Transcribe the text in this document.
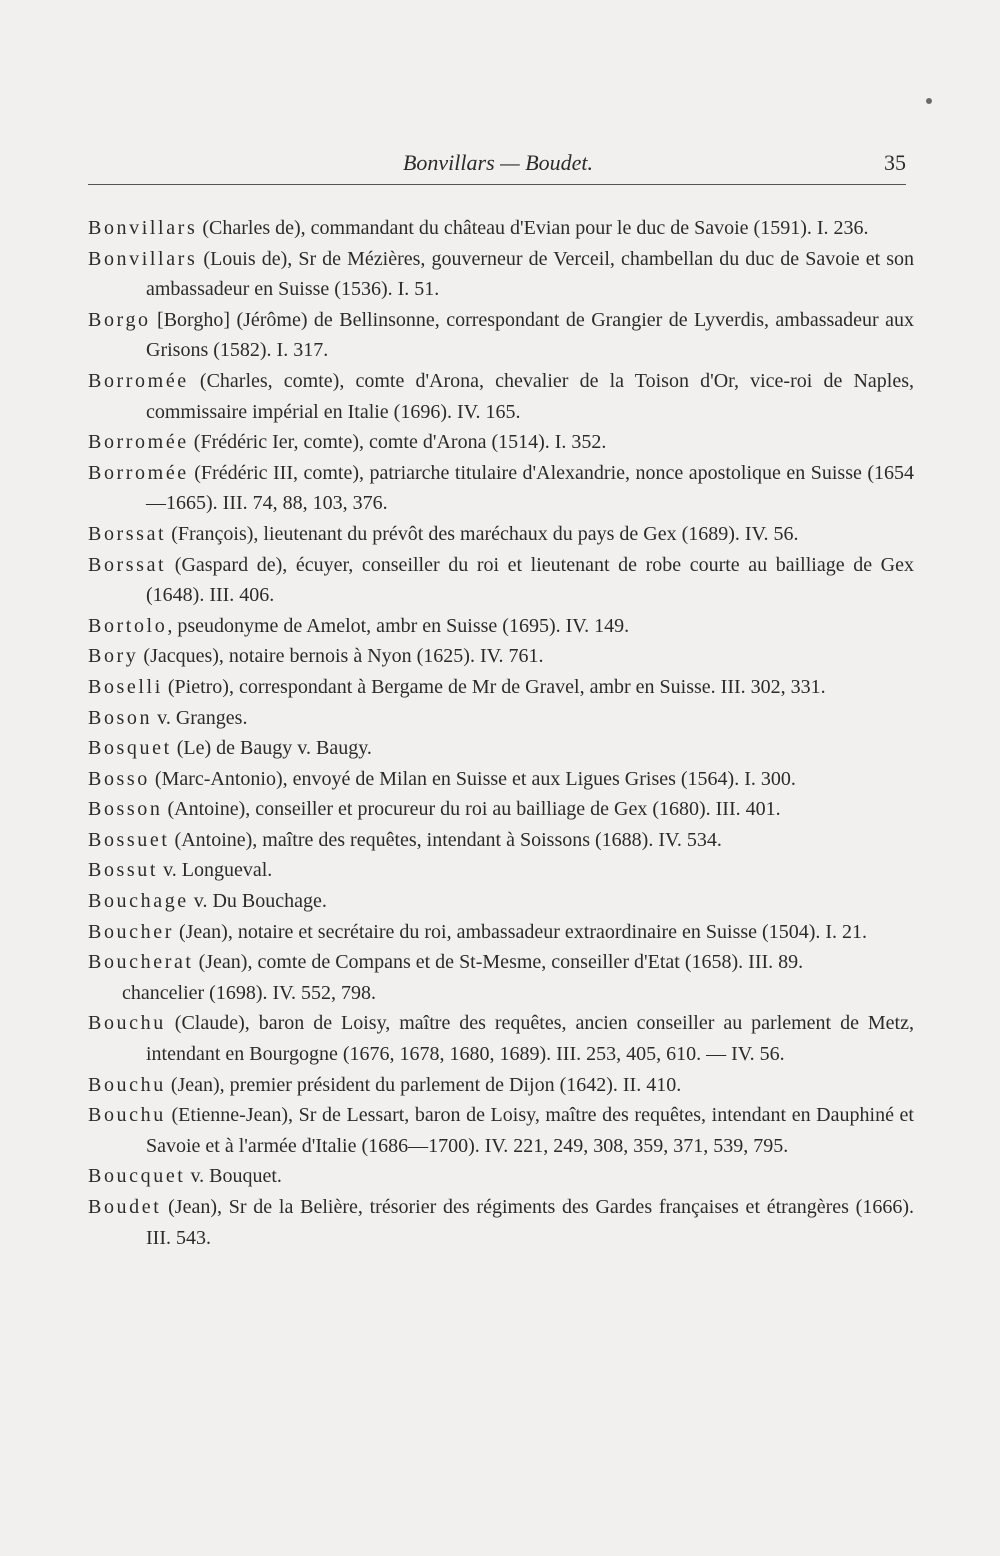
Bonvillars — Boudet.	35

Bonvillars (Charles de), commandant du château d'Evian pour le duc de Savoie (1591). I. 236.

Bonvillars (Louis de), Sr de Mézières, gouverneur de Verceil, chambellan du duc de Savoie et son ambassadeur en Suisse (1536). I. 51.

Borgo [Borgho] (Jérôme) de Bellinsonne, correspondant de Grangier de Lyverdis, ambassadeur aux Grisons (1582). I. 317.

Borromée (Charles, comte), comte d'Arona, chevalier de la Toison d'Or, vice-roi de Naples, commissaire impérial en Italie (1696). IV. 165.

Borromée (Frédéric Ier, comte), comte d'Arona (1514). I. 352.

Borromée (Frédéric III, comte), patriarche titulaire d'Alexandrie, nonce apostolique en Suisse (1654—1665). III. 74, 88, 103, 376.

Borssat (François), lieutenant du prévôt des maréchaux du pays de Gex (1689). IV. 56.

Borssat (Gaspard de), écuyer, conseiller du roi et lieutenant de robe courte au bailliage de Gex (1648). III. 406.

Bortolo, pseudonyme de Amelot, ambr en Suisse (1695). IV. 149.

Bory (Jacques), notaire bernois à Nyon (1625). IV. 761.

Boselli (Pietro), correspondant à Bergame de Mr de Gravel, ambr en Suisse. III. 302, 331.

Boson v. Granges.

Bosquet (Le) de Baugy v. Baugy.

Bosso (Marc-Antonio), envoyé de Milan en Suisse et aux Ligues Grises (1564). I. 300.

Bosson (Antoine), conseiller et procureur du roi au bailliage de Gex (1680). III. 401.

Bossuet (Antoine), maître des requêtes, intendant à Soissons (1688). IV. 534.

Bossut v. Longueval.

Bouchage v. Du Bouchage.

Boucher (Jean), notaire et secrétaire du roi, ambassadeur extraordinaire en Suisse (1504). I. 21.

Boucherat (Jean), comte de Compans et de St-Mesme, conseiller d'Etat (1658). III. 89.

chancelier (1698). IV. 552, 798.

Bouchu (Claude), baron de Loisy, maître des requêtes, ancien conseiller au parlement de Metz, intendant en Bourgogne (1676, 1678, 1680, 1689). III. 253, 405, 610. — IV. 56.

Bouchu (Jean), premier président du parlement de Dijon (1642). II. 410.

Bouchu (Etienne-Jean), Sr de Lessart, baron de Loisy, maître des requêtes, intendant en Dauphiné et Savoie et à l'armée d'Italie (1686—1700). IV. 221, 249, 308, 359, 371, 539, 795.

Boucquet v. Bouquet.

Boudet (Jean), Sr de la Belière, trésorier des régiments des Gardes françaises et étrangères (1666). III. 543.
